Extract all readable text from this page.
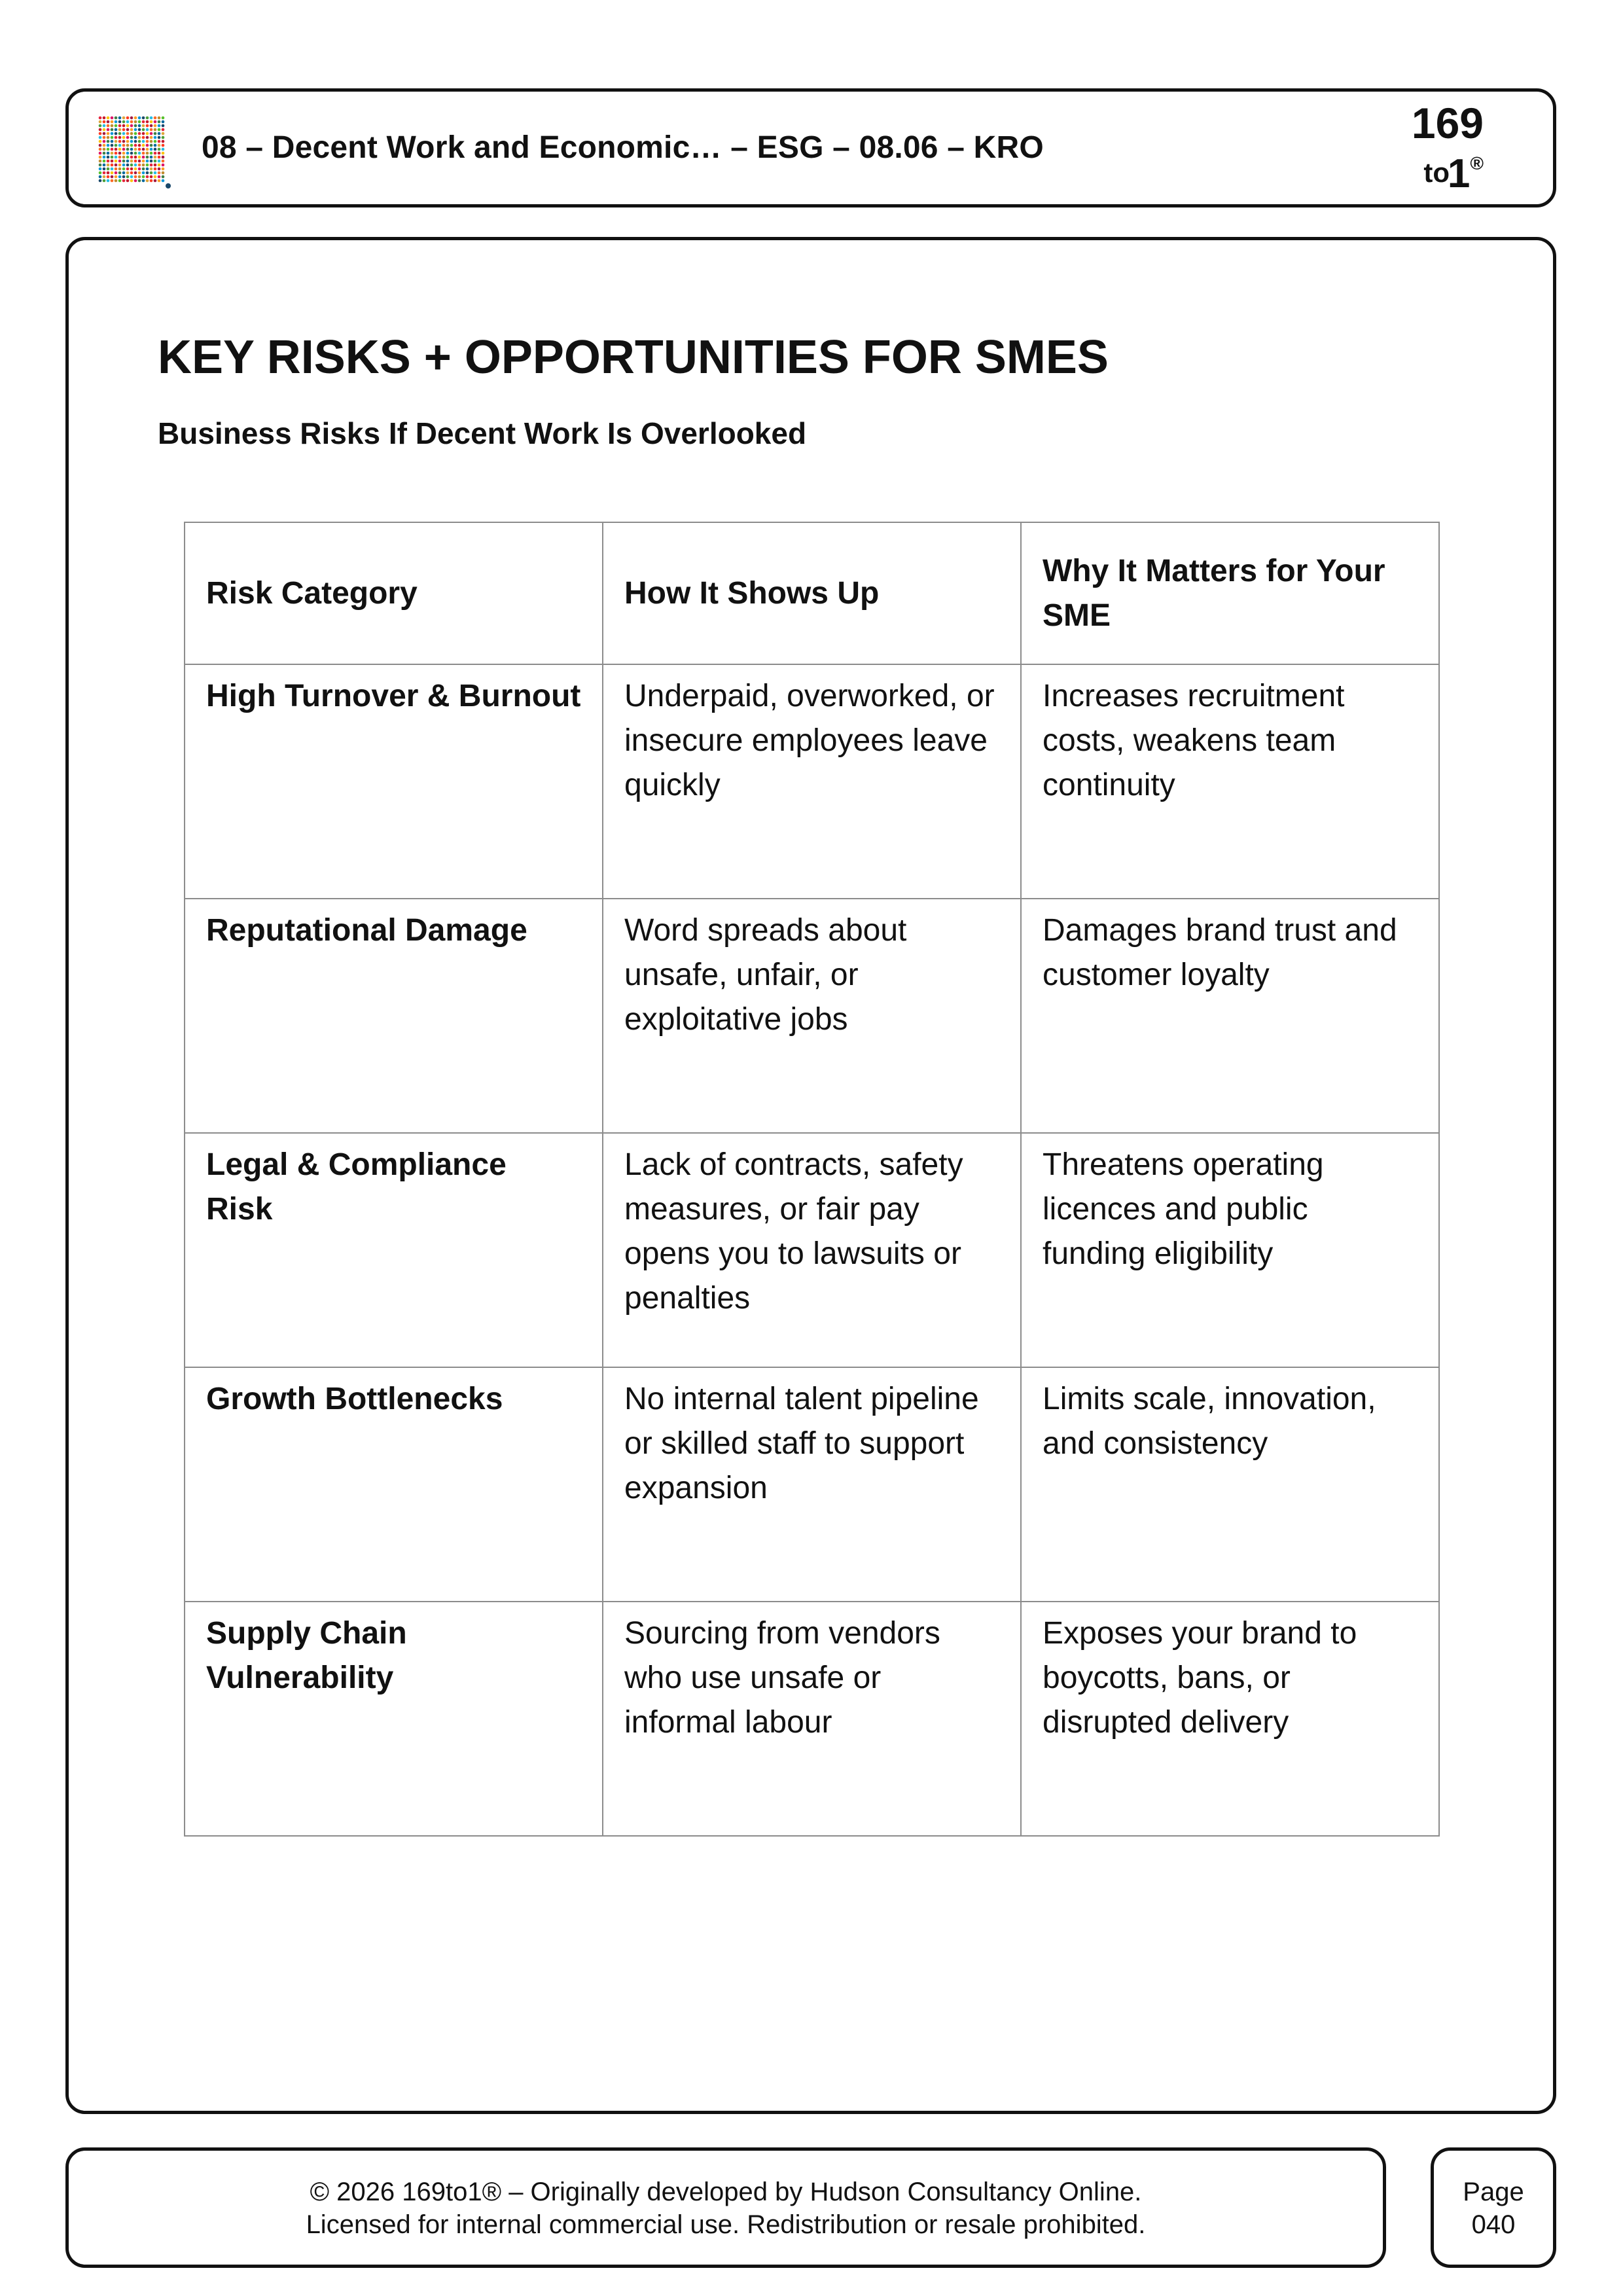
08 – Decent Work and Economic… – ESG – 08.06 – KRO
169
to
1®
KEY RISKS + OPPORTUNITIES FOR SMES
Business Risks If Decent Work Is Overlooked
Risk Category	How It Shows Up	Why It Matters for Your SME
High Turnover & Burnout	Underpaid, overworked, or insecure employees leave quickly	Increases recruitment costs, weakens team continuity
Reputational Damage	Word spreads about unsafe, unfair, or exploitative jobs	Damages brand trust and customer loyalty
Legal & Compliance Risk	Lack of contracts, safety measures, or fair pay opens you to lawsuits or penalties	Threatens operating licences and public funding eligibility
Growth Bottlenecks	No internal talent pipeline or skilled staff to support expansion	Limits scale, innovation, and consistency
Supply Chain Vulnerability	Sourcing from vendors who use unsafe or informal labour	Exposes your brand to boycotts, bans, or disrupted delivery
© 2026 169to1® – Originally developed by Hudson Consultancy Online.
Licensed for internal commercial use. Redistribution or resale prohibited.
Page
040
